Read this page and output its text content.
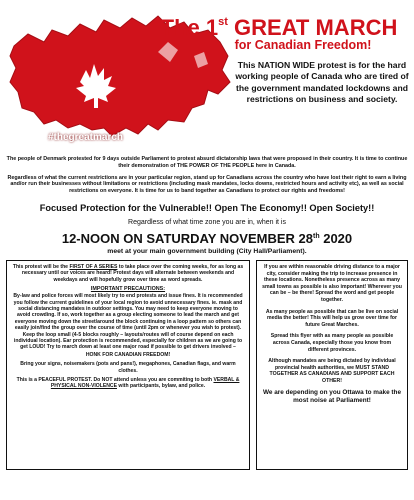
#thegreatmarch
The 1st GREAT MARCH
for Canadian Freedom!
This NATION WIDE protest is for the hard working people of Canada who are tired of the government mandated lockdowns and restrictions on business and society.
The people of Denmark protested for 9 days outside Parliament to protest absurd dictatorship laws that were proposed in their country. It is time to continue their demonstration of THE POWER OF THE PEOPLE here in Canada.
Regardless of what the current restrictions are in your particular region, stand up for Canadians across the country who have lost their right to earn a living and/or run their businesses without limitations or restrictions (including mask mandates, locks downs, restricted hours and activity etc), as well as social restrictions on everyone. It is time for us to band together as Canadians to protect our rights and freedoms!
Focused Protection for the Vulnerable!! Open The Economy!! Open Society!!
Regardless of what time zone you are in, when it is
12-NOON ON SATURDAY NOVEMBER 28th 2020
meet at your main government building (City Hall/Parliament).

This protest will be the FIRST OF A SERIES to take place over the coming weeks, for as long as necessary until our voices are heard! Protest days will alternate between weekends and weekdays and will hopefully grow over time as word spreads.

IMPORTANT PRECAUTIONS:

By-law and police forces will most likely try to end protests and issue fines. It is recommended you follow the current guidelines of your local region to avoid unnecessary fines. ie. mask and social distancing mandates in outdoor settings. You may need to keep everyone moving to avoid crowding. If so, work together as a group electing someone to lead the march and get everyone moving down the street/around the block continuing in a loop pattern so others can easily join/find the group over the course of time (until 2pm or whenever you wish to protest). Keep the loop small (4-5 blocks roughly – layouts/routes will of course depend on each individual location). Ear protection is recommended, especially for children as we are going to get LOUD! Try to march down at least one major road if possible to get drivers involved –

HONK FOR CANADIAN FREEDOM!

Bring your signs, noisemakers (pots and pans!), megaphones, Canadian flags, and warm clothes.

This is a PEACEFUL PROTEST. Do NOT attend unless you are commiting to both VERBAL & PHYSICAL NON-VIOLENCE with participants, bylaw, and police.

If you are within reasonable driving distance to a major city, consider making the trip to increase presence in these locations. Nonetheless presence across as many small towns as possible is also important! Wherever you can be – be there! Spread the word and get people together.

As many people as possible that can be live on social media the better! This will help us grow over time for future Great Marches.

Spread this flyer with as many people as possible across Canada, especially those you know from different provinces.

Although mandates are being dictated by individual provincial health authorities, we MUST STAND TOGETHER AS CANADIANS AND SUPPORT EACH OTHER!

We are depending on you Ottawa to make the most noise at Parliament!
